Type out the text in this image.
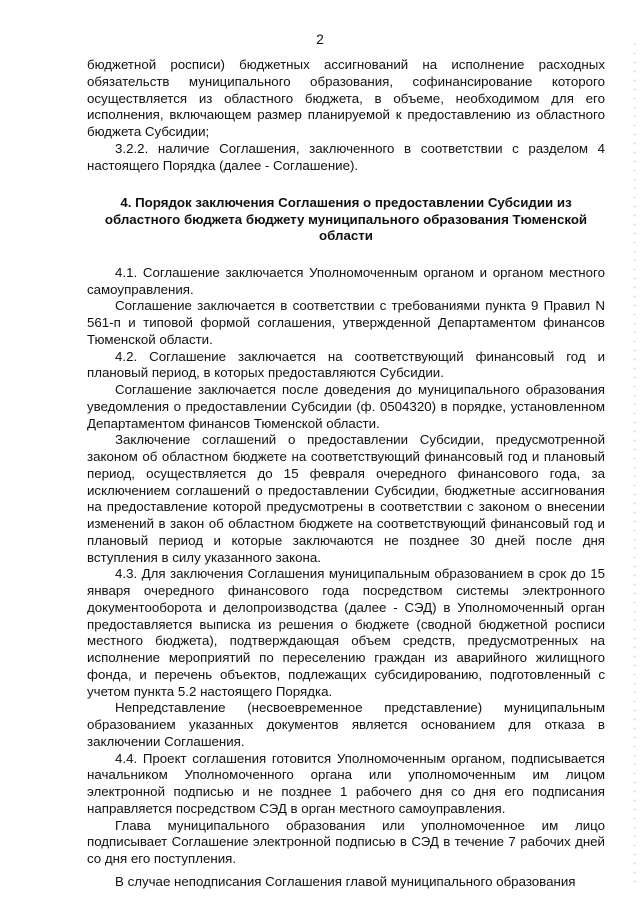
2

бюджетной росписи) бюджетных ассигнований на исполнение расходных обязательств муниципального образования, софинансирование которого осуществляется из областного бюджета, в объеме, необходимом для его исполнения, включающем размер планируемой к предоставлению из областного бюджета Субсидии;

3.2.2. наличие Соглашения, заключенного в соответствии с разделом 4 настоящего Порядка (далее - Соглашение).

4. Порядок заключения Соглашения о предоставлении Субсидии из областного бюджета бюджету муниципального образования Тюменской области

4.1. Соглашение заключается Уполномоченным органом и органом местного самоуправления.

Соглашение заключается в соответствии с требованиями пункта 9 Правил N 561-п и типовой формой соглашения, утвержденной Департаментом финансов Тюменской области.

4.2. Соглашение заключается на соответствующий финансовый год и плановый период, в которых предоставляются Субсидии.

Соглашение заключается после доведения до муниципального образования уведомления о предоставлении Субсидии (ф. 0504320) в порядке, установленном Департаментом финансов Тюменской области.

Заключение соглашений о предоставлении Субсидии, предусмотренной законом об областном бюджете на соответствующий финансовый год и плановый период, осуществляется до 15 февраля очередного финансового года, за исключением соглашений о предоставлении Субсидии, бюджетные ассигнования на предоставление которой предусмотрены в соответствии с законом о внесении изменений в закон об областном бюджете на соответствующий финансовый год и плановый период и которые заключаются не позднее 30 дней после дня вступления в силу указанного закона.

4.3. Для заключения Соглашения муниципальным образованием в срок до 15 января очередного финансового года посредством системы электронного документооборота и делопроизводства (далее - СЭД) в Уполномоченный орган предоставляется выписка из решения о бюджете (сводной бюджетной росписи местного бюджета), подтверждающая объем средств, предусмотренных на исполнение мероприятий по переселению граждан из аварийного жилищного фонда, и перечень объектов, подлежащих субсидированию, подготовленный с учетом пункта 5.2 настоящего Порядка.

Непредставление (несвоевременное представление) муниципальным образованием указанных документов является основанием для отказа в заключении Соглашения.

4.4. Проект соглашения готовится Уполномоченным органом, подписывается начальником Уполномоченного органа или уполномоченным им лицом электронной подписью и не позднее 1 рабочего дня со дня его подписания направляется посредством СЭД в орган местного самоуправления.

Глава муниципального образования или уполномоченное им лицо подписывает Соглашение электронной подписью в СЭД в течение 7 рабочих дней со дня его поступления.

В случае неподписания Соглашения главой муниципального образования
